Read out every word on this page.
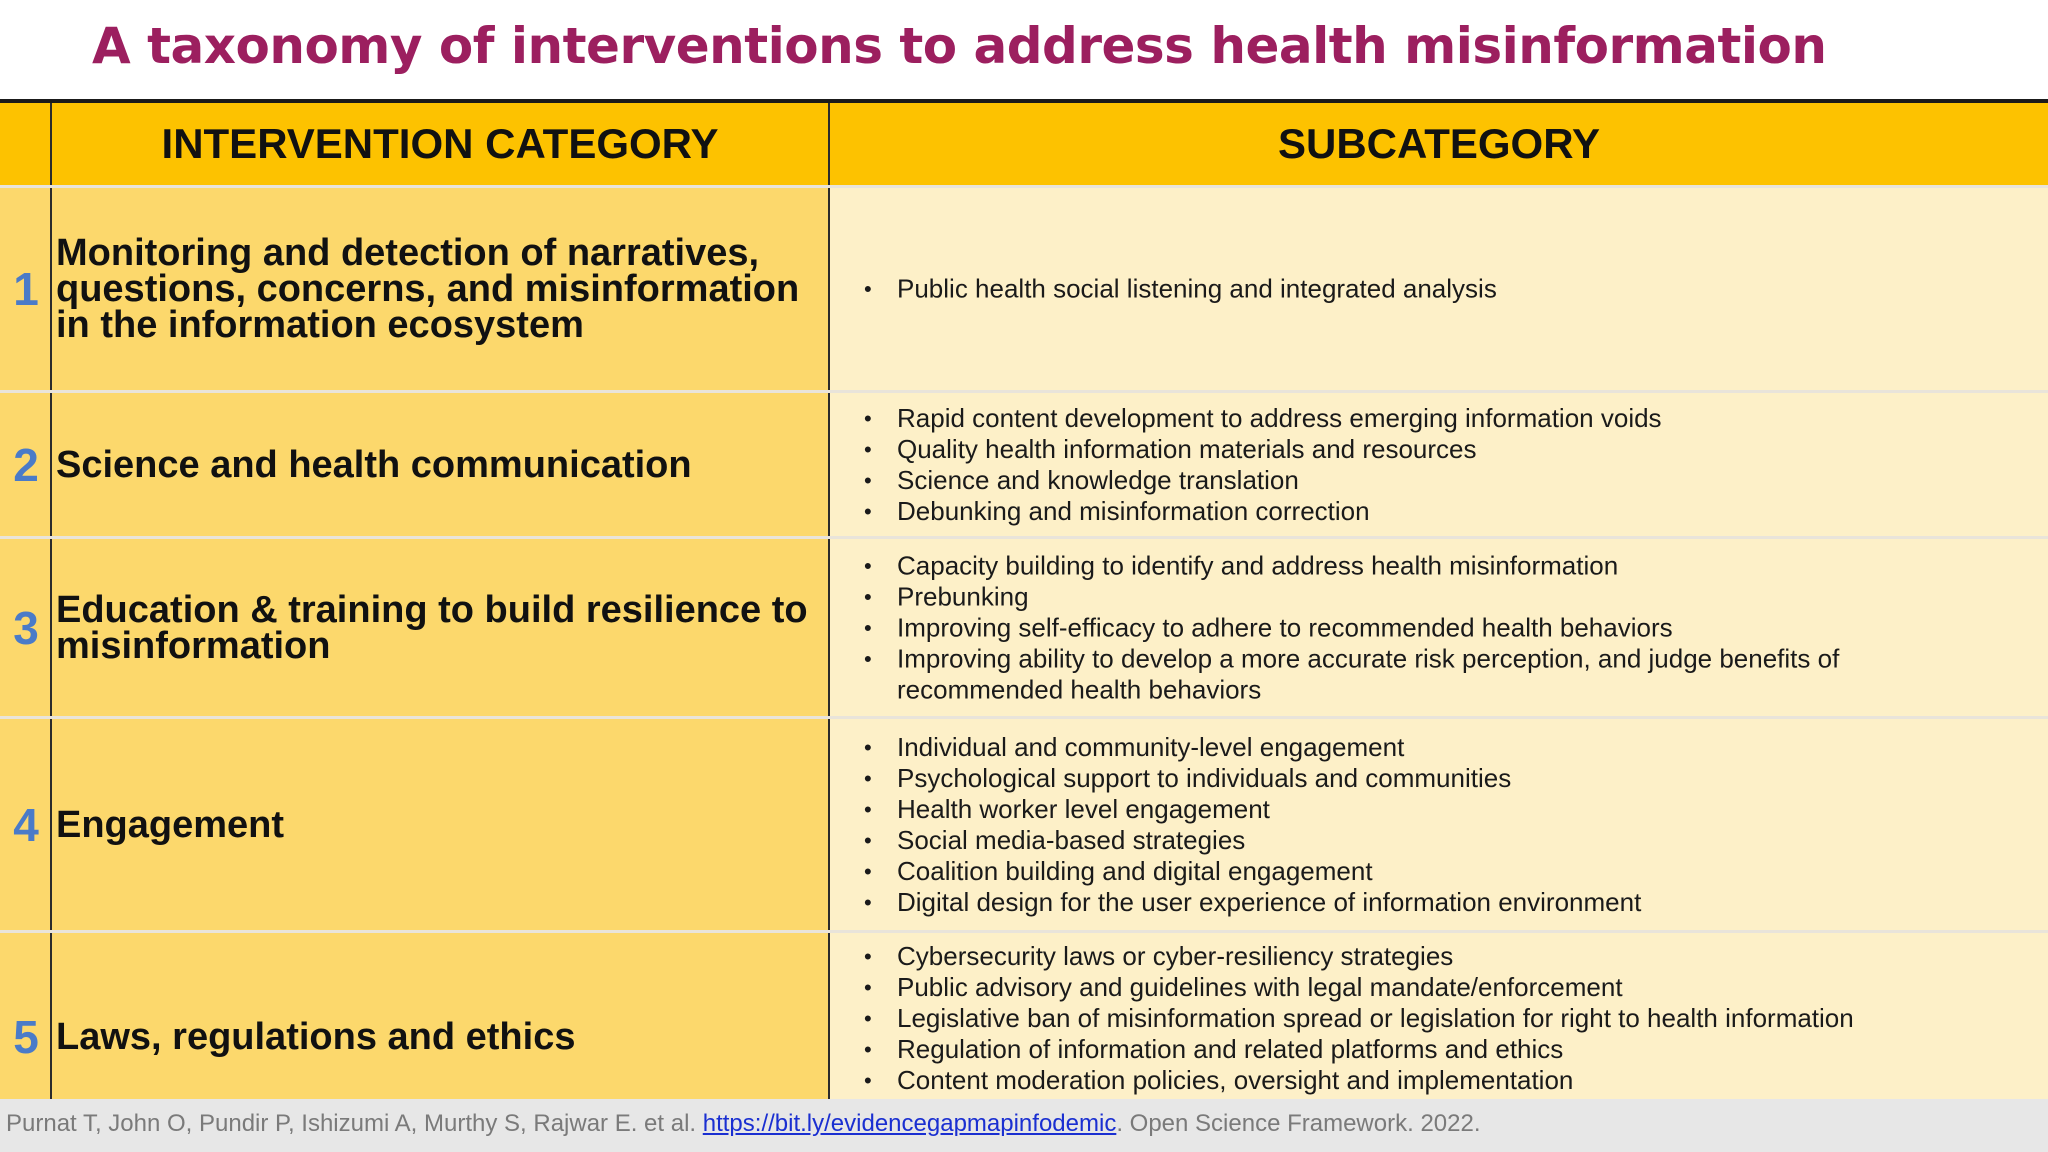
A taxonomy of interventions to address health misinformation
INTERVENTION CATEGORY	SUBCATEGORY
1
Monitoring and detection of narratives, questions, concerns, and misinformation in the information ecosystem
• Public health social listening and integrated analysis
2 Science and health communication
• Rapid content development to address emerging information voids
• Quality health information materials and resources
• Science and knowledge translation
• Debunking and misinformation correction
3 Education & training to build resilience to misinformation
• Capacity building to identify and address health misinformation
• Prebunking
• Improving self-efficacy to adhere to recommended health behaviors
• Improving ability to develop a more accurate risk perception, and judge benefits of recommended health behaviors
4 Engagement
• Individual and community-level engagement
• Psychological support to individuals and communities
• Health worker level engagement
• Social media-based strategies
• Coalition building and digital engagement
• Digital design for the user experience of information environment
5 Laws, regulations and ethics
• Cybersecurity laws or cyber-resiliency strategies
• Public advisory and guidelines with legal mandate/enforcement
• Legislative ban of misinformation spread or legislation for right to health information
• Regulation of information and related platforms and ethics
• Content moderation policies, oversight and implementation
Purnat T, John O, Pundir P, Ishizumi A, Murthy S, Rajwar E. et al. https://bit.ly/evidencegapmapinfodemic. Open Science Framework. 2022.
